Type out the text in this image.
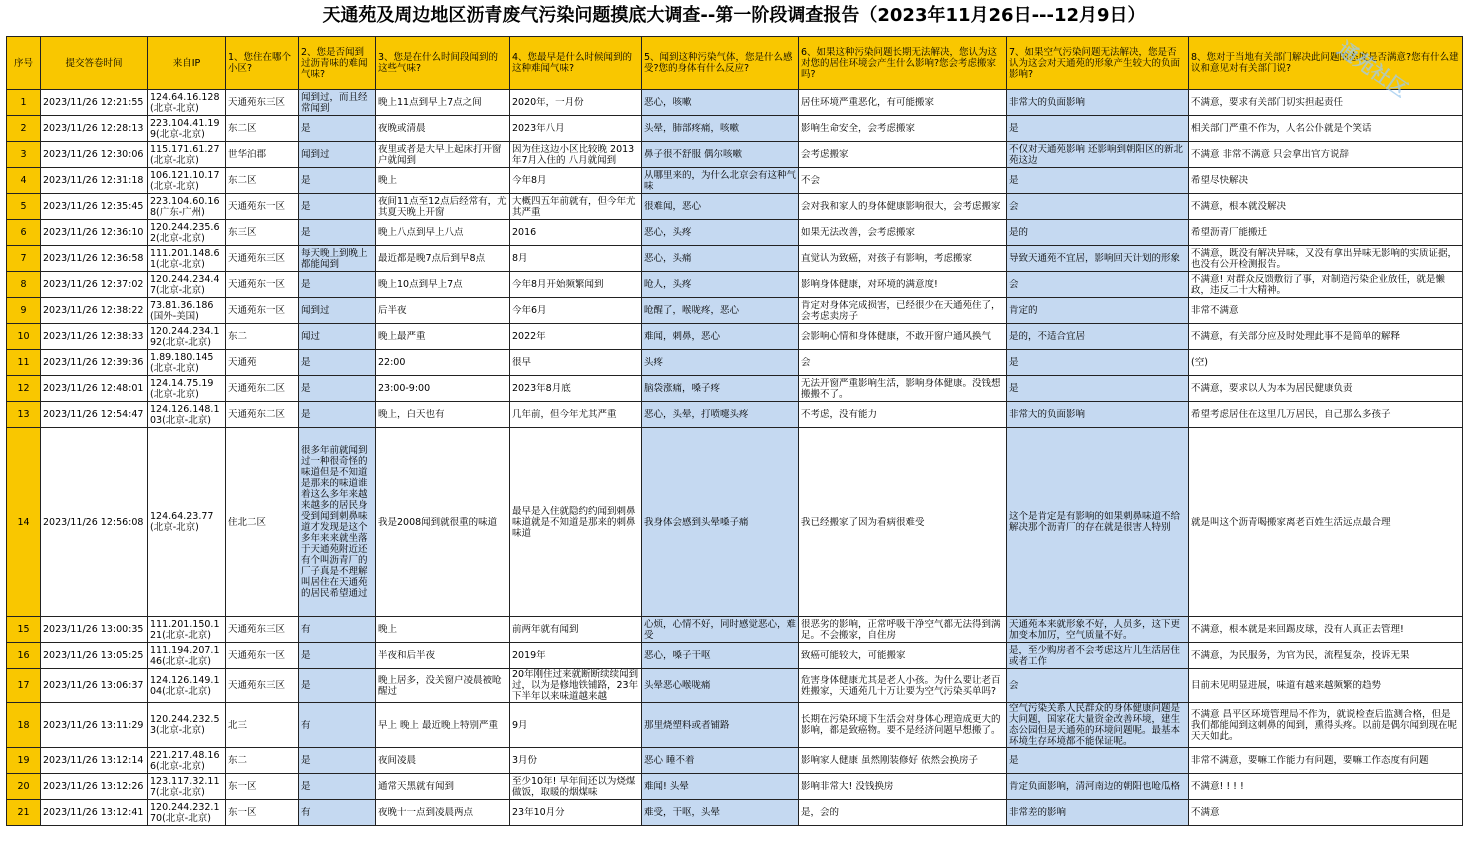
天通苑及周边地区沥青废气污染问题摸底大调查--第一阶段调查报告（2023年11月26日---12月9日）
序号	提交答卷时间	来自IP	1、您住在哪个小区?	2、您是否闻到过沥青味的难闻气味?	3、您是在什么时间段闻到的这些气味?	4、您最早是什么时候闻到的这种难闻气味?	5、闻到这种污染气体，您是什么感受?您的身体有什么反应?	6、如果这种污染问题长期无法解决，您认为这对您的居住环境会产生什么影响?您会考虑搬家吗?	7、如果空气污染问题无法解决，您是否认为这会对天通苑的形象产生较大的负面影响?	8、您对于当地有关部门解决此问题的态度是否满意?您有什么建议和意见对有关部门说?

1	2023/11/26 12:21:55	124.64.16.128(北京-北京)	天通苑东三区	闻到过，而且经常闻到	晚上11点到早上7点之间	2020年，一月份	恶心，咳嗽	居住环境严重恶化，有可能搬家	非常大的负面影响	不满意，要求有关部门切实担起责任

2	2023/11/26 12:28:13	223.104.41.199(北京-北京)	东二区	是	夜晚或清晨	2023年八月	头晕，肺部疼痛，咳嗽	影响生命安全，会考虑搬家	是	相关部门严重不作为，人名公仆就是个笑话

3	2023/11/26 12:30:06	115.171.61.27(北京-北京)	世华泊郡	闻到过	夜里或者是大早上起床打开窗户就闻到	因为住这边小区比较晚 2013年7月入住的 八月就闻到	鼻子很不舒服 偶尔咳嗽	会考虑搬家	不仅对天通苑影响 还影响到朝阳区的新北苑这边	不满意 非常不满意 只会拿出官方说辞

4	2023/11/26 12:31:18	106.121.10.17(北京-北京)	东二区	是	晚上	今年8月	从哪里来的，为什么北京会有这种气味	不会	是	希望尽快解决

5	2023/11/26 12:35:45	223.104.60.168(广东-广州)	天通苑东一区	是	夜间11点至12点后经常有，尤其夏天晚上开窗	大概四五年前就有，但今年尤其严重	很难闻，恶心	会对我和家人的身体健康影响很大，会考虑搬家	会	不满意，根本就没解决

6	2023/11/26 12:36:10	120.244.235.62(北京-北京)	东三区	是	晚上八点到早上八点	2016	恶心，头疼	如果无法改善，会考虑搬家	是的	希望沥青厂能搬迁

7	2023/11/26 12:36:58	111.201.148.61(北京-北京)	天通苑东三区	每天晚上到晚上都能闻到	最近都是晚7点后到早8点	8月	恶心，头痛	直觉认为致癌，对孩子有影响，考虑搬家	导致天通苑不宜居，影响回天计划的形象	不满意，既没有解决异味，又没有拿出异味无影响的实质证据，也没有公开检测报告。

8	2023/11/26 12:37:02	120.244.234.47(北京-北京)	天通苑东一区	是	晚上10点到早上7点	今年8月开始频繁闻到	呛人，头疼	影响身体健康，对环境的满意度!	会	不满意! 对群众反馈敷衍了事，对制造污染企业放任，就是懒政，违反二十大精神。

9	2023/11/26 12:38:22	73.81.36.186(国外-美国)	天通苑东一区	闻到过	后半夜	今年6月	呛醒了，喉咙疼，恶心	肯定对身体完成损害，已经很少在天通苑住了，会考虑卖房子	肯定的	非常不满意

10	2023/11/26 12:38:33	120.244.234.192(北京-北京)	东二	闻过	晚上最严重	2022年	难闻，刺鼻，恶心	会影响心情和身体健康，不敢开窗户通风换气	是的，不适合宜居	不满意，有关部分应及时处理此事不是简单的解释

11	2023/11/26 12:39:36	1.89.180.145(北京-北京)	天通苑	是	22:00	很早	头疼	会	是	(空)

12	2023/11/26 12:48:01	124.14.75.19(北京-北京)	天通苑东二区	是	23:00-9:00	2023年8月底	脑袋涨痛，嗓子疼	无法开窗严重影响生活，影响身体健康。没钱想搬搬不了。	是	不满意，要求以人为本为居民健康负责

13	2023/11/26 12:54:47	124.126.148.103(北京-北京)	天通苑东二区	是	晚上，白天也有	几年前，但今年尤其严重	恶心，头晕，打喷嚏头疼	不考虑，没有能力	非常大的负面影响	希望考虑居住在这里几万居民，自己那么多孩子

14	2023/11/26 12:56:08	124.64.23.77(北京-北京)	住北二区	很多年前就闻到过一种很奇怪的味道但是不知道是那来的味道谁着这么多年来越来越多的居民身受到闻到刺鼻味道才发现是这个多年来来就坐落于天通苑附近还有个叫沥青厂的厂子真是不理解叫居住在天通苑的居民希望通过	我是2008闻到就很重的味道	最早是入住就隐约约闻到刺鼻味道就是不知道是那来的刺鼻味道	我身体会感到头晕嗓子痛	我已经搬家了因为看病很难受	这个是肯定是有影响的如果刺鼻味道不给解决那个沥青厂的存在就是很害人特别	就是叫这个沥青喝搬家离老百姓生活远点最合理

15	2023/11/26 13:00:35	111.201.150.121(北京-北京)	天通苑东三区	有	晚上	前两年就有闻到	心烦，心情不好，同时感觉恶心，难受	很恶劣的影响，正常呼吸干净空气都无法得到满足。不会搬家，自住房	天通苑本来就形象不好，人员多，这下更加变本加厉，空气质量不好。	不满意，根本就是来回踢皮球，没有人真正去管理!

16	2023/11/26 13:05:25	111.194.207.146(北京-北京)	天通苑东一区	是	半夜和后半夜	2019年	恶心，嗓子干呕	致癌可能较大，可能搬家	是，至少购房者不会考虑这片儿生活居住或者工作	不满意，为民服务，为官为民，流程复杂，投诉无果

17	2023/11/26 13:06:37	124.126.149.104(北京-北京)	天通苑东三区	是	晚上居多，没关窗户凌晨被呛醒过	20年刚住过来就断断续续闻到过，以为是修地铁铺路，23年下半年以来味道越来越	头晕恶心喉咙痛	危害身体健康尤其是老人小孩。为什么要让老百姓搬家，天通苑几十万让要为空气污染买单吗?	会	目前未见明显进展，味道有越来越频繁的趋势

18	2023/11/26 13:11:29	120.244.232.53(北京-北京)	北三	有	早上 晚上 最近晚上特别严重	9月	那里烧塑料或者铺路	长期在污染环境下生活会对身体心理造成更大的影响，都是致癌物。要不是经济问题早想搬了。	空气污染关系人民群众的身体健康问题是大问题，国家花大量资金改善环境，建生态公园但是天通苑的环境问题呢。最基本环境生存环境都不能保证呢。	不满意 昌平区环境管理局不作为，就说检查后监测合格，但是我们都能闻到这刺鼻的闻到，熏得头疼。以前是偶尔闻到现在呢 天天如此。

19	2023/11/26 13:12:14	221.217.48.166(北京-北京)	东二	是	夜间凌晨	3月份	恶心 睡不着	影响家人健康 虽然刚装修好 依然会换房子	是	非常不满意，要嘛工作能力有问题，要嘛工作态度有问题

20	2023/11/26 13:12:26	123.117.32.117(北京-北京)	东一区	是	通常天黑就有闻到	至少10年! 早年间还以为烧煤做饭，取暖的烟煤味	难闻! 头晕	影响非常大! 没钱换房	肯定负面影响，清河南边的朝阳也呛瓜格	不满意! ! ! !

21	2023/11/26 13:12:41	120.244.232.170(北京-北京)	东一区	有	夜晚十一点到凌晨两点	23年10月分	难受，干呕，头晕	是，会的	非常差的影响	不满意
通苑社区
